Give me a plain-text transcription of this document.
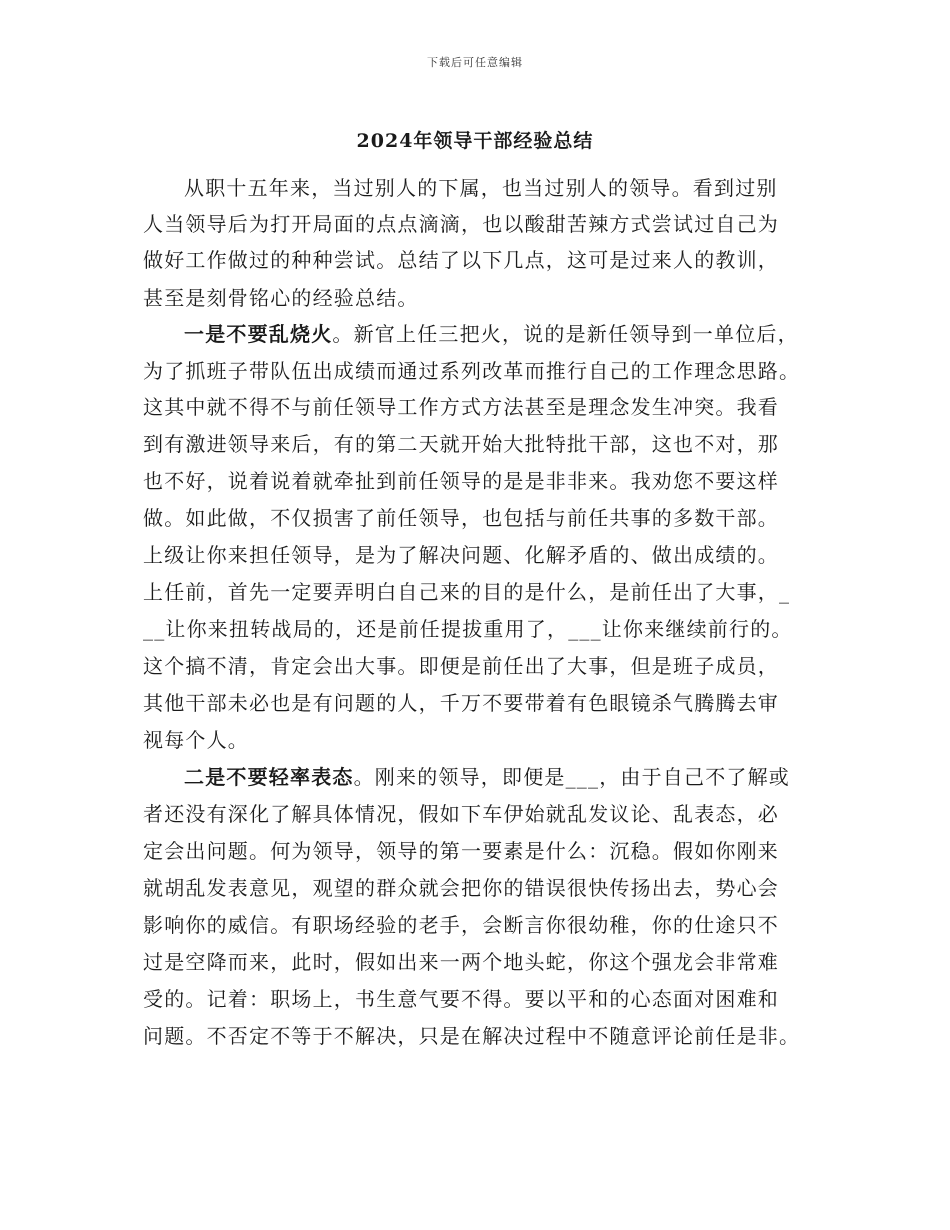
下载后可任意编辑
2024年领导干部经验总结
从职十五年来，当过别人的下属，也当过别人的领导。看到过别
人当领导后为打开局面的点点滴滴，也以酸甜苦辣方式尝试过自己为
做好工作做过的种种尝试。总结了以下几点，这可是过来人的教训，
甚至是刻骨铭心的经验总结。
一是不要乱烧火。新官上任三把火，说的是新任领导到一单位后，
为了抓班子带队伍出成绩而通过系列改革而推行自己的工作理念思路。
这其中就不得不与前任领导工作方式方法甚至是理念发生冲突。我看
到有激进领导来后，有的第二天就开始大批特批干部，这也不对，那
也不好，说着说着就牵扯到前任领导的是是非非来。我劝您不要这样
做。如此做，不仅损害了前任领导，也包括与前任共事的多数干部。
上级让你来担任领导，是为了解决问题、化解矛盾的、做出成绩的。
上任前，首先一定要弄明白自己来的目的是什么，是前任出了大事，_
__让你来扭转战局的，还是前任提拔重用了，___让你来继续前行的。
这个搞不清，肯定会出大事。即便是前任出了大事，但是班子成员，
其他干部未必也是有问题的人，千万不要带着有色眼镜杀气腾腾去审
视每个人。
二是不要轻率表态。刚来的领导，即便是___，由于自己不了解或
者还没有深化了解具体情况，假如下车伊始就乱发议论、乱表态，必
定会出问题。何为领导，领导的第一要素是什么：沉稳。假如你刚来
就胡乱发表意见，观望的群众就会把你的错误很快传扬出去，势心会
影响你的威信。有职场经验的老手，会断言你很幼稚，你的仕途只不
过是空降而来，此时，假如出来一两个地头蛇，你这个强龙会非常难
受的。记着：职场上，书生意气要不得。要以平和的心态面对困难和
问题。不否定不等于不解决，只是在解决过程中不随意评论前任是非。
